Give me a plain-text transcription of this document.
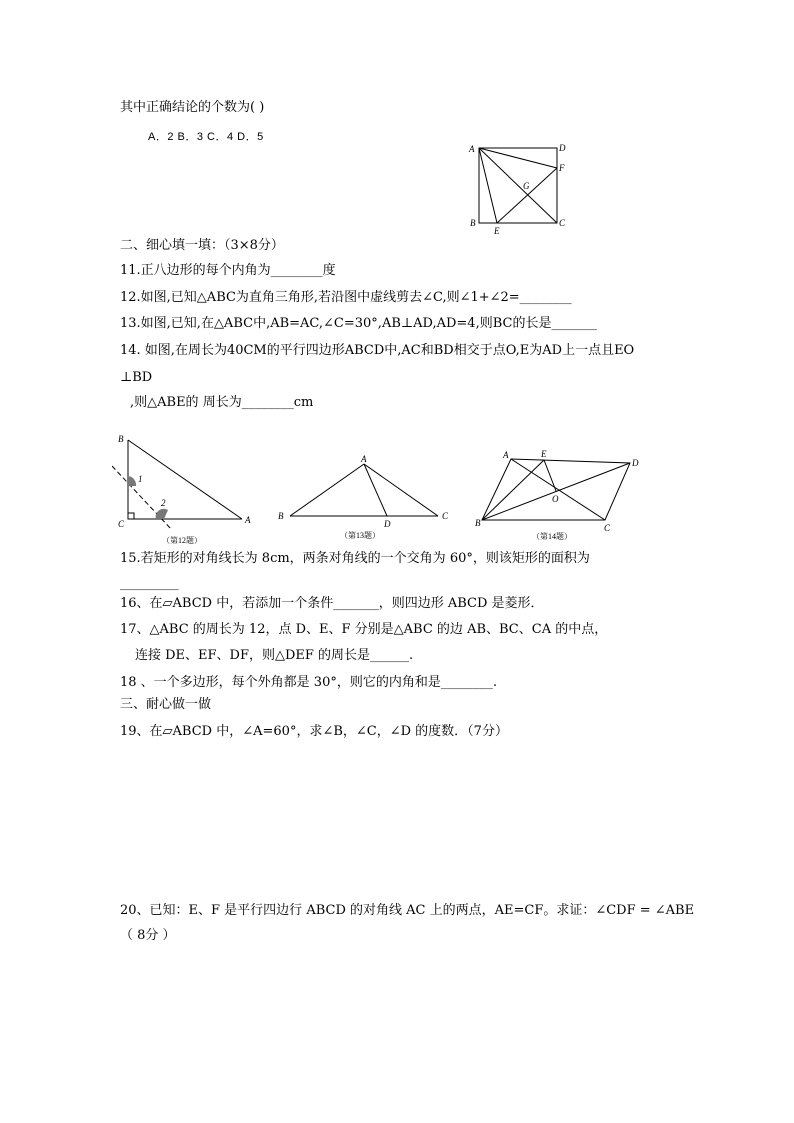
其中正确结论的个数为( )
A．2 B．3 C．4 D．5
A	D
F
G
B	C
E
二、细心填一填：（3×8分）
11.正八边形的每个内角为________度
12.如图,已知△ABC为直角三角形,若沿图中虚线剪去∠C,则∠1+∠2=________
13.如图,已知,在△ABC中,AB=AC,∠C=30°,AB⊥AD,AD=4,则BC的长是_______
14. 如图,在周长为40CM的平行四边形ABCD中,AC和BD相交于点O,E为AD上一点且EO
⊥BD
,则△ABE的 周长为________cm
B
1
2
C	A
（第12题）
A
B	C
D
（第13题）
A	E
D
O
B	C
（第14题）
15.若矩形的对角线长为 8cm，两条对角线的一个交角为 60°，则该矩形的面积为
_________
16、在▱ABCD 中，若添加一个条件_______，则四边形 ABCD 是菱形．
17、△ABC 的周长为 12，点 D、E、F 分别是△ABC 的边 AB、BC、CA 的中点，
连接 DE、EF、DF，则△DEF 的周长是______.
18 、一个多边形，每个外角都是 30°，则它的内角和是________.
三、耐心做一做
19、在▱ABCD 中，∠A=60°，求∠B，∠C，∠D 的度数．（7分）
20、已知：E、F 是平行四边行 ABCD 的对角线 AC 上的两点，AE=CF。求证：∠CDF = ∠ABE
（ 8分 ）
